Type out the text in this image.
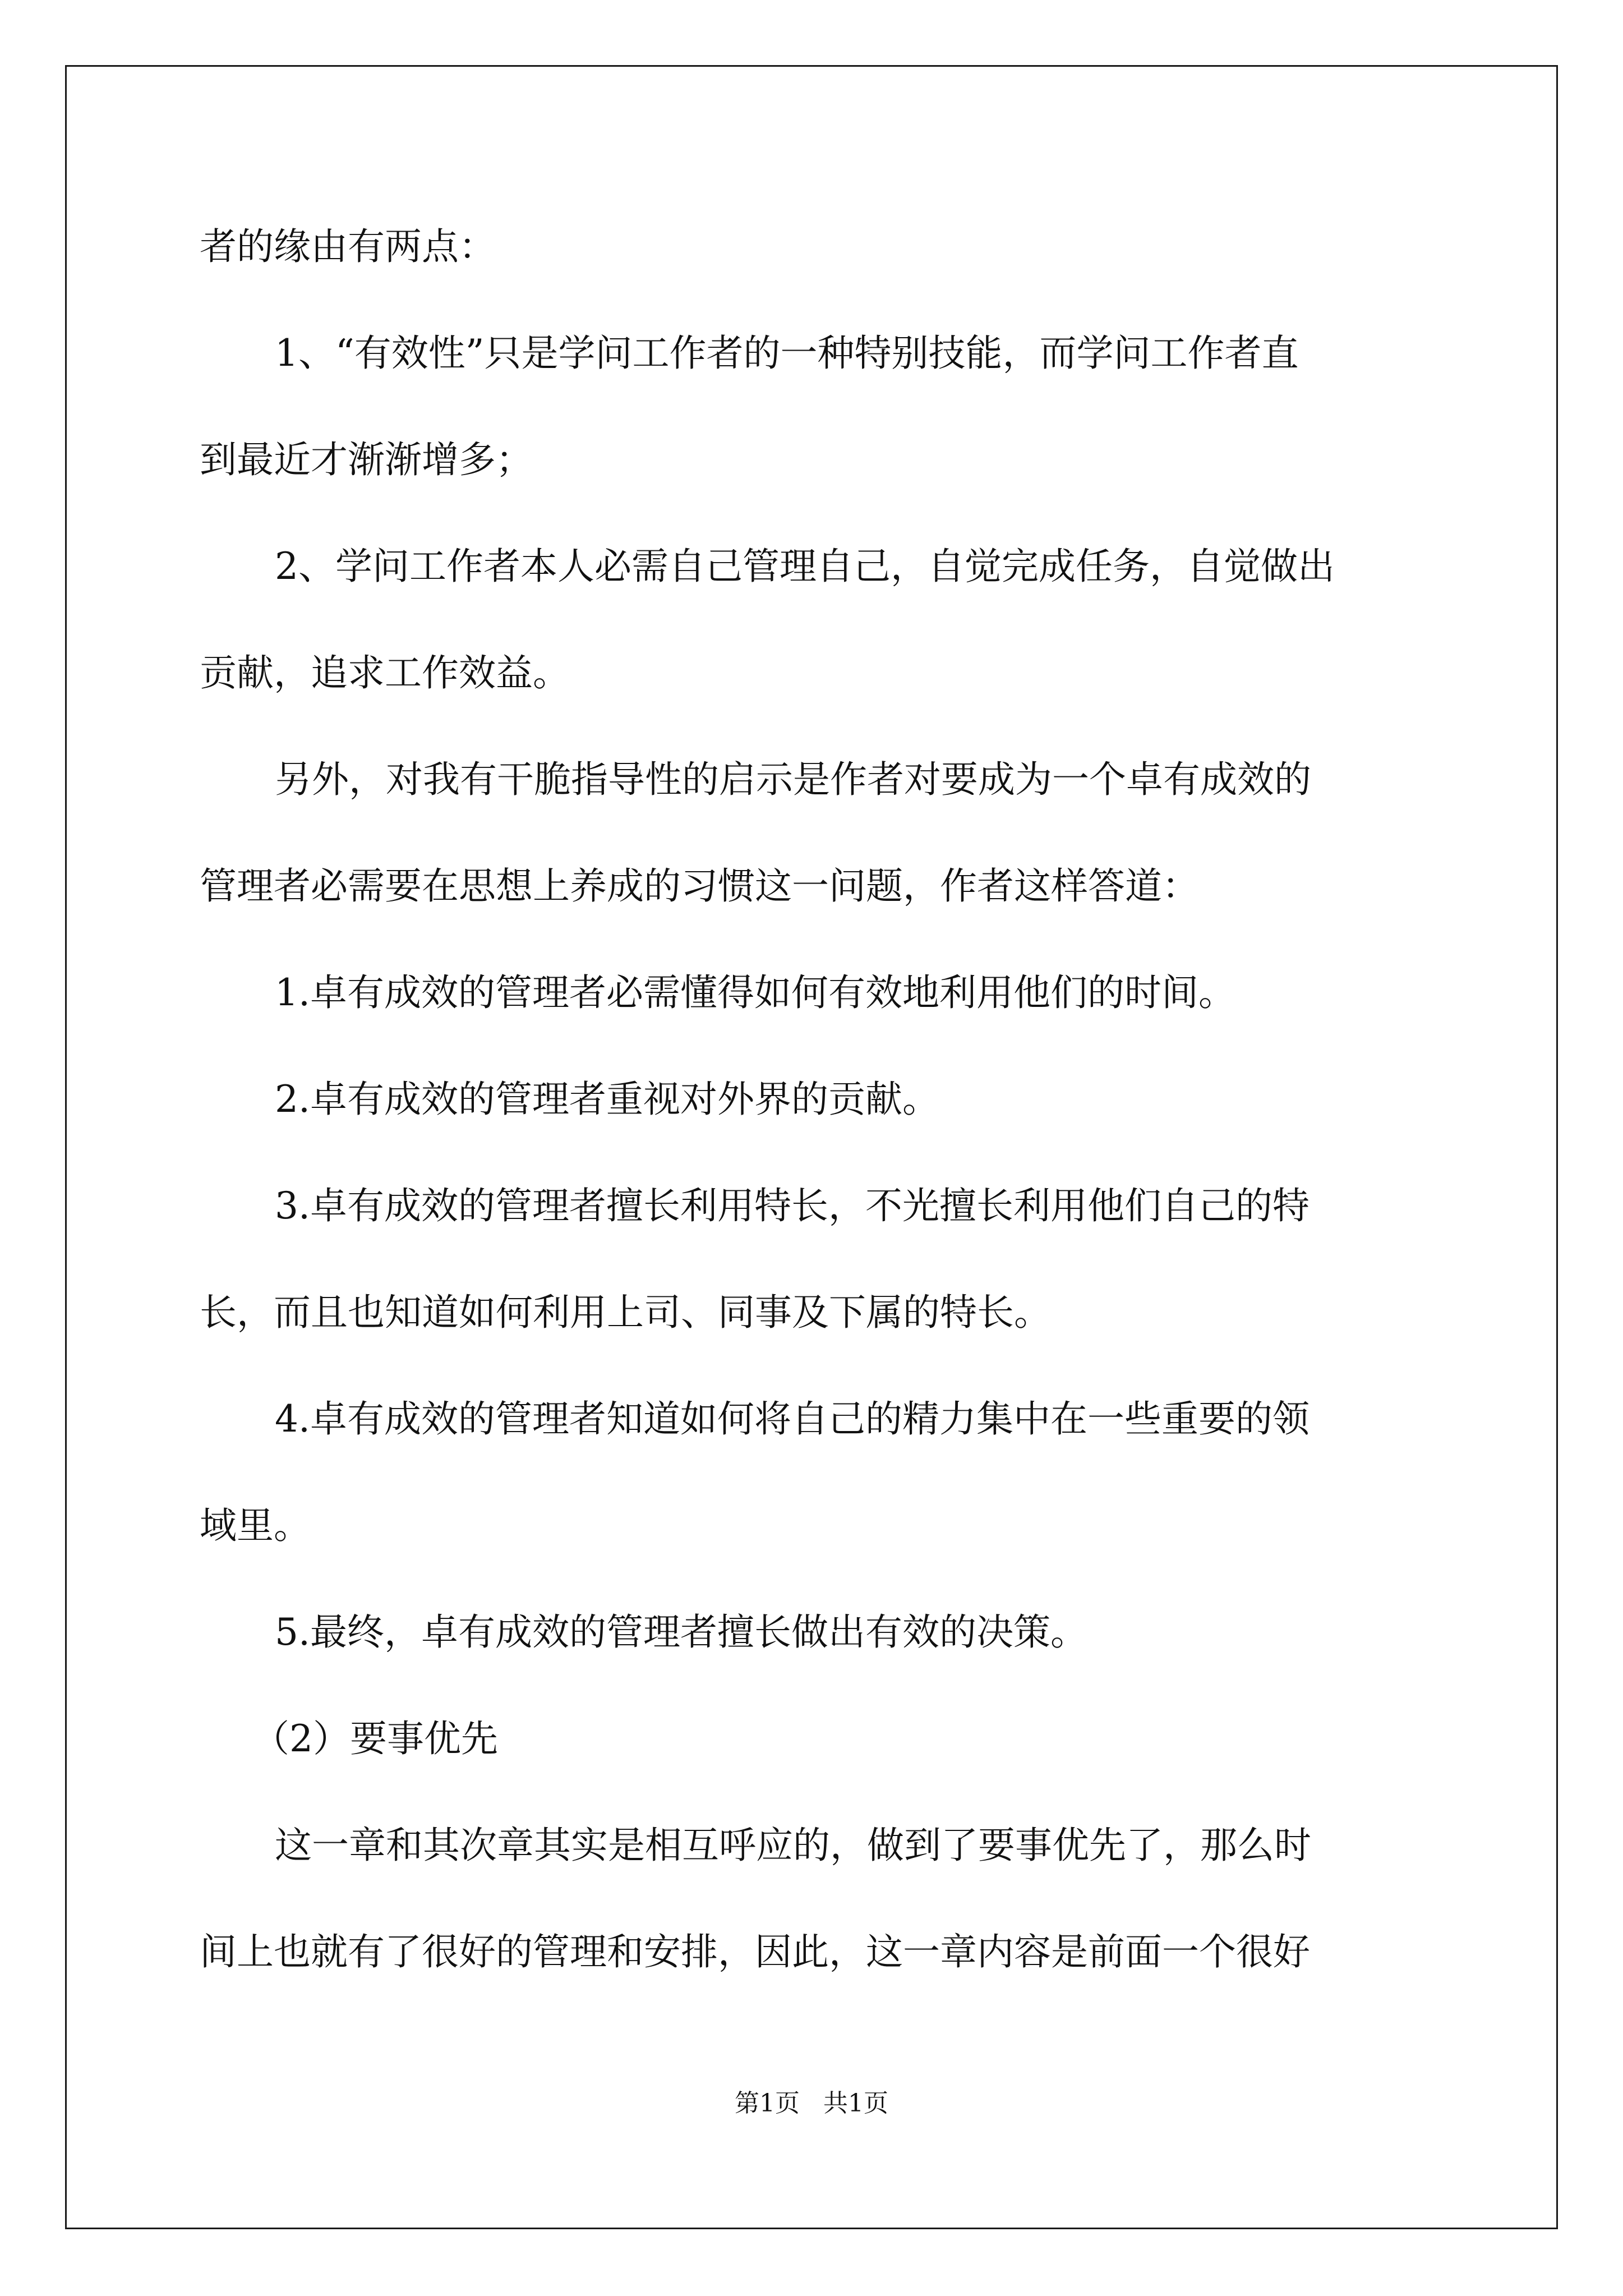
者的缘由有两点：
1、“有效性”只是学问工作者的一种特别技能，而学问工作者直
到最近才渐渐增多；
2、学问工作者本人必需自己管理自己，自觉完成任务，自觉做出
贡献，追求工作效益。
另外，对我有干脆指导性的启示是作者对要成为一个卓有成效的
管理者必需要在思想上养成的习惯这一问题，作者这样答道：
1.卓有成效的管理者必需懂得如何有效地利用他们的时间。
2.卓有成效的管理者重视对外界的贡献。
3.卓有成效的管理者擅长利用特长，不光擅长利用他们自己的特
长，而且也知道如何利用上司、同事及下属的特长。
4.卓有成效的管理者知道如何将自己的精力集中在一些重要的领
域里。
5.最终，卓有成效的管理者擅长做出有效的决策。
（2）要事优先
这一章和其次章其实是相互呼应的，做到了要事优先了，那么时
间上也就有了很好的管理和安排，因此，这一章内容是前面一个很好
第1页   共1页
